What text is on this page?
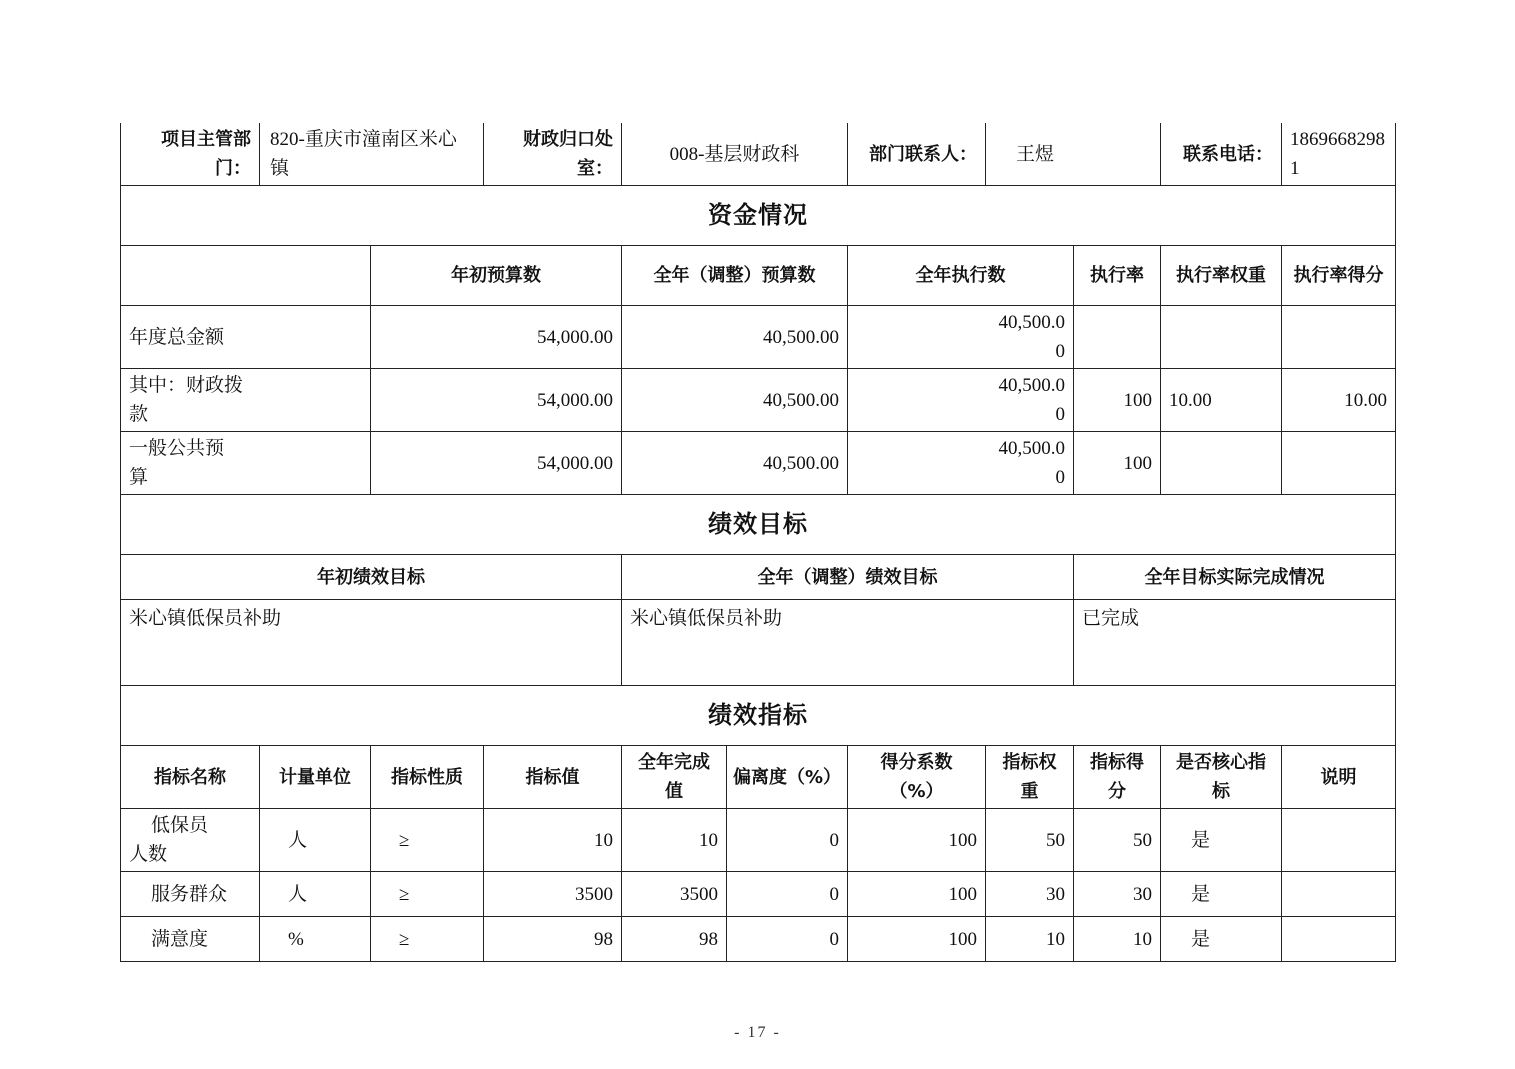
项目主管部门：	820-重庆市潼南区米心镇		财政归口处室：	008-基层财政科		部门联系人：	王煜		联系电话：	18696682981
资金情况										
		年初预算数		全年（调整）预算数		全年执行数		执行率	执行率权重	执行率得分
年度总金额		54,000.00		40,500.00		40,500.00				

其中：财政拨款		54,000.00		40,500.00		40,500.00		100	10.00	10.00

一般公共预算		54,000.00		40,500.00		40,500.00		100		
绩效目标										
年初绩效目标				全年（调整）绩效目标				全年目标实际完成情况		
米心镇低保员补助				米心镇低保员补助				已完成		
绩效指标										
指标名称	计量单位	指标性质	指标值	全年完成值	偏离度（%）	得分系数（%）	指标权重	指标得分	是否核心指标	说明

低保员人数	人	≥	10	10	0	100	50	50	是	
服务群众	人	≥	3500	3500	0	100	30	30	是	
满意度	%	≥	98	98	0	100	10	10	是	
- 17 -
